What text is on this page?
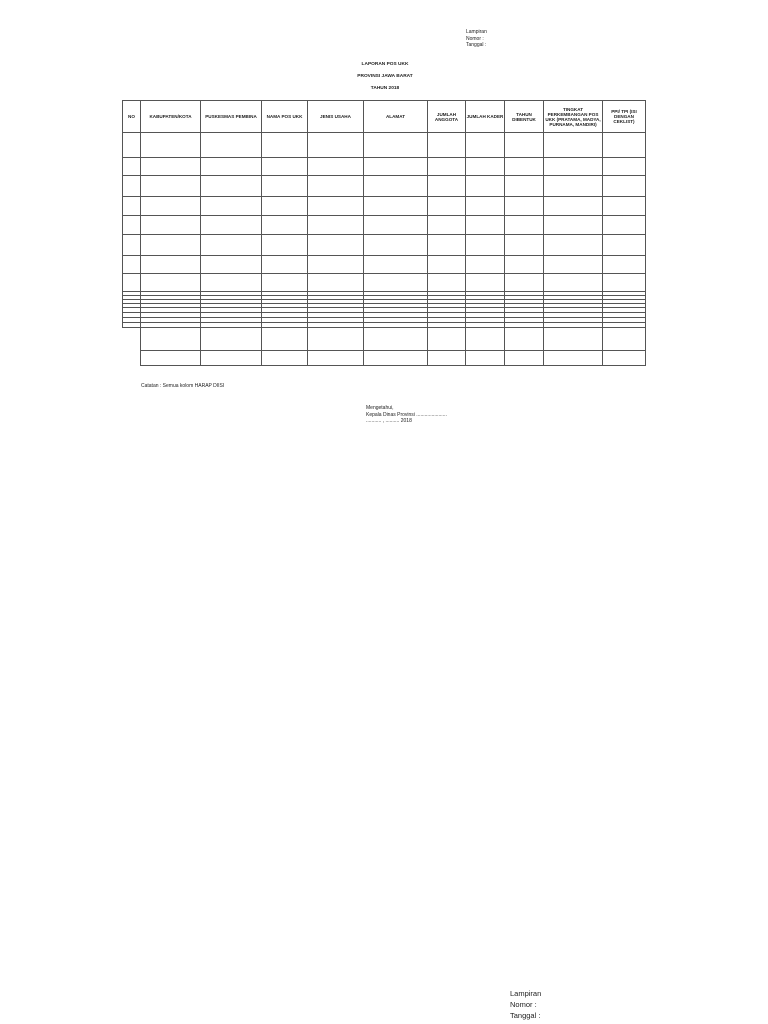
Lampiran
Nomor :
Tanggal :
LAPORAN POS UKK
PROVINSI JAWA BARAT
TAHUN 2018
NO	KABUPATEN/KOTA	PUSKESMAS PEMBINA	NAMA POS UKK	JENIS USAHA	ALAMAT	JUMLAH ANGGOTA	JUMLAH KADER	TAHUN DIBENTUK	TINGKAT PERKEMBANGAN POS UKK (PRATAMA, MADYA, PURNAMA, MANDIRI)	PPI/ TPI (ISI DENGAN CEKLIST)

Catatan : Semua kolom HARAP DIISI
Mengetahui,
Kepala Dinas Provinsi ......................
........... , .......... 2018
Lampiran
Nomor :
Tanggal :
